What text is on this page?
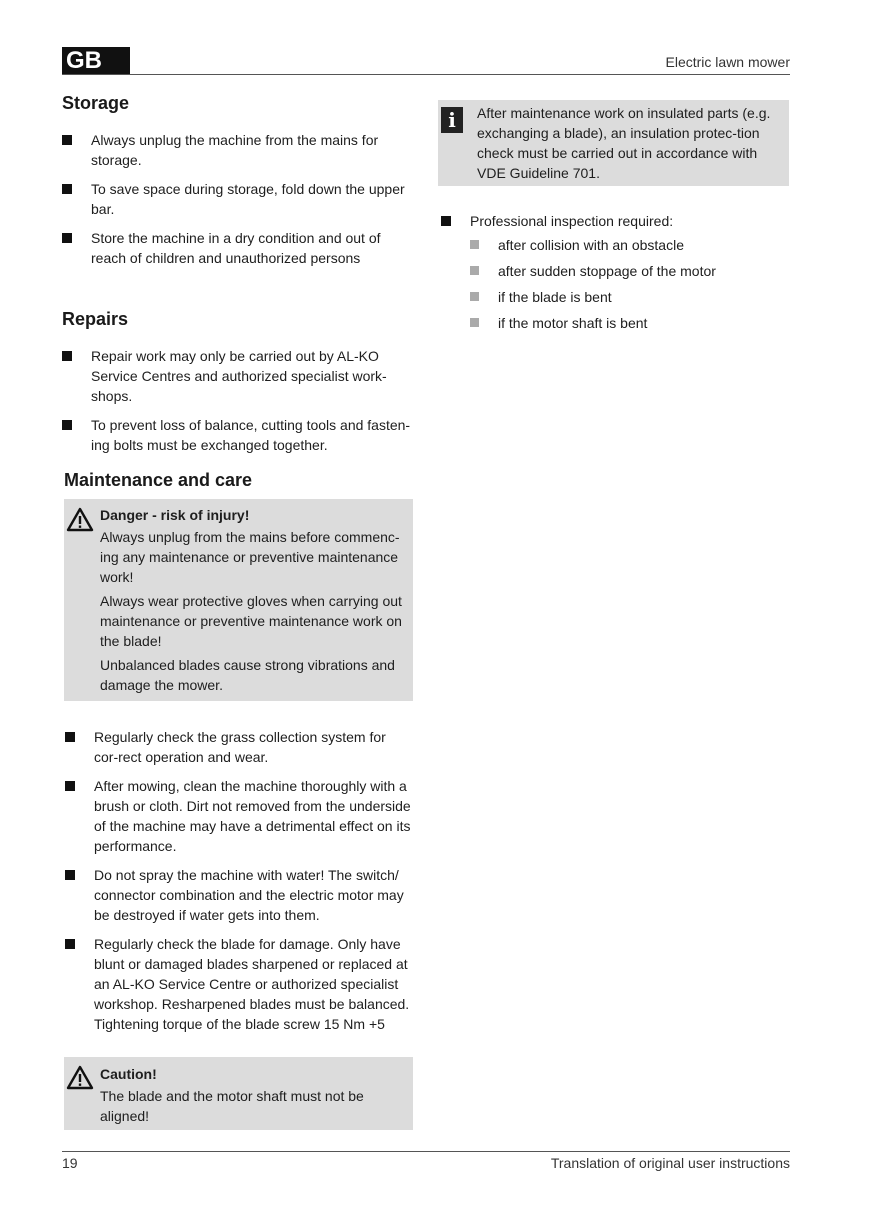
GB	Electric lawn mower
Storage
Always unplug the machine from the mains for storage.
To save space during storage, fold down the upper bar.
Store the machine in a dry condition and out of reach of children and unauthorized persons
Repairs
Repair work may only be carried out by AL-KO Service Centres and authorized specialist work-shops.
To prevent loss of balance, cutting tools and fasten-ing bolts must be exchanged together.
Maintenance and care
Danger - risk of injury!

Always unplug from the mains before commenc-ing any maintenance or preventive maintenance work!

Always wear protective gloves when carrying out maintenance or preventive maintenance work on the blade!

Unbalanced blades cause strong vibrations and damage the mower.

Regularly check the grass collection system for cor-rect operation and wear.
After mowing, clean the machine thoroughly with a brush or cloth. Dirt not removed from the underside of the machine may have a detrimental effect on its performance.
Do not spray the machine with water! The switch/ connector combination and the electric motor may be destroyed if water gets into them.
Regularly check the blade for damage. Only have blunt or damaged blades sharpened or replaced at an AL-KO Service Centre or authorized specialist workshop. Resharpened blades must be balanced. Tightening torque of the blade screw 15 Nm +5
Caution!

The blade and the motor shaft must not be aligned!

i	After maintenance work on insulated parts (e.g. exchanging a blade), an insulation protec-tion check must be carried out in accordance with VDE Guideline 701.
Professional inspection required:
after collision with an obstacle
after sudden stoppage of the motor
if the blade is bent
if the motor shaft is bent
19	Translation of original user instructions
